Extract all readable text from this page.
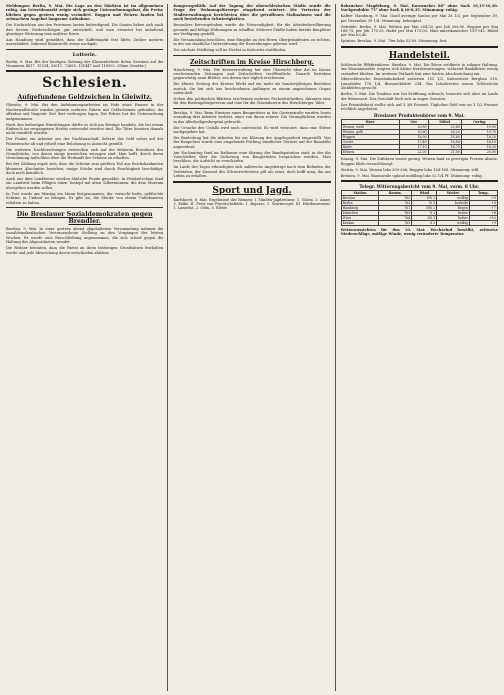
Meldungen: Berlin, 9. Mai. Die Lage an den Märkten ist im allgemeinen ruhig. Am Getreidemarkt zeigte sich geringe Unternehmungslust, die Preise blieben gegen gestern wenig verändert. Roggen und Weizen fanden bei schwachem Angebot langsame Aufnahme.

Die Nachrichten aus den Provinzen lauten befriedigend. Die Saaten haben sich nach den letzten Niederschlägen gut entwickelt, und man erwartet bei anhaltend günstiger Witterung eine mittlere Ernte.

Aus Hamburg wird gemeldet, dass der Kaffeemarkt fest blieb; Zucker notierte unverändert, während Baumwolle etwas nachgab.

Lotterie.

Berlin, 9. Mai. Bei der heutigen Ziehung der Klassenlotterie fielen Gewinne auf die Nummern 4817, 19234, 53011, 72655, 101447 und 118902. (Ohne Gewähr.)

Schlesien.
Aufgefundene Geldzeichen in Gleiwitz.

Gleiwitz, 9. Mai. Bei den Aufräumungsarbeiten im Hofe eines Hauses in der Niederwallstraße wurden gestern mehrere Pakete mit Geldscheinen gefunden, die offenbar seit längerer Zeit dort verborgen lagen. Die Polizei hat die Untersuchung aufgenommen.

Nach den bisherigen Ermittlungen dürfte es sich um Beträge handeln, die bei einem Einbruch im vergangenen Herbst entwendet worden sind. Die Täter konnten damals nicht ermittelt werden.

Der Finder, ein Arbeiter aus der Nachbarschaft, lieferte das Geld sofort auf der Polizeiwache ab und erhielt eine Belohnung in Aussicht gestellt.

Die weiteren Nachforschungen erstrecken sich auf die früheren Bewohner des Grundstücks, von denen einige inzwischen verzogen sind. Man hofft, durch deren Vernehmung Aufschluss über die Herkunft der Scheine zu erhalten.

Bei der Zählung ergab sich, dass die Scheine zum größten Teil aus Reichsbanknoten kleinerer Abschnitte bestehen; einige Stücke sind durch Feuchtigkeit beschädigt, doch noch kenntlich.

Auch aus dem Landkreise werden ähnliche Funde gemeldet. In Peiskretscham fand ein Landwirt beim Pflügen einen Tontopf mit alten Silbermünzen, die dem Museum übergeben werden sollen.

In Tost wurde am Montag ein Mann festgenommen, der versucht hatte, gefälschte Scheine in Umlauf zu bringen. Er gibt an, die Stücke von einem Unbekannten erhalten zu haben.

Die Breslauer Sozialdemokraten gegen Brendler.

Breslau, 9. Mai. In einer gestern abend abgehaltenen Versammlung nahmen die sozialdemokratischen Vertrauensleute Stellung zu den Vorgängen der letzten Wochen. Es wurde eine Entschließung angenommen, die sich scharf gegen die Haltung des Abgeordneten wendet.

Die Redner betonten, dass die Partei an ihren bisherigen Grundsätzen festhalten werde und jede Abweichung davon entschieden ablehne.

Kongresspolitik: Auf der Tagung der oberschlesischen Städte wurde die Frage der Wohnungsfürsorge eingehend erörtert. Die Vertreter der Stadtverwaltungen berichteten über die getroffenen Maßnahmen und die noch bestehenden Schwierigkeiten.

Besonders hervorgehoben wurde die Notwendigkeit, für die Arbeiterbevölkerung gesunde und billige Wohnungen zu schaffen. Mehrere Städte haben bereits Bauplätze zur Verfügung gestellt.

Die Versammlung beschloss, eine Eingabe an den Herrn Oberpräsidenten zu richten, in der um staatliche Unterstützung der Bestrebungen gebeten wird.

Der nächste Städtetag soll im Herbst in Kattowitz stattfinden.

Zeitschriften im Kreise Hirschberg.

Hirschberg, 9. Mai. Die Kreisverwaltung hat eine Übersicht über die im Kreise erscheinenden Zeitungen und Zeitschriften veröffentlicht. Danach bestehen gegenwärtig neun Blätter, von denen vier täglich erscheinen.

Die älteste Zeitung des Kreises blickt auf ein mehr als hundertjähriges Bestehen zurück. Sie hat sich aus bescheidenen Anfängen zu einem angesehenen Organ entwickelt.

Neben den politischen Blättern erscheinen mehrere Fachzeitschriften, darunter eine für den Riesengebirgsverein und eine für die Glasindustrie des Hirschberger Tales.

Breslau, 9. Mai. Beim Einsturz eines Baugerüstes in der Gartenstraße wurden heute vormittag drei Arbeiter verletzt, einer von ihnen schwer. Die Verunglückten wurden in das Allerheiligenhospital gebracht.

Die Ursache des Unfalls wird noch untersucht. Es wird vermutet, dass eine Stütze nachgegeben hat.

Die Bauleitung hat die Arbeiten bis zur Klärung der Angelegenheit eingestellt. Von der Baupolizei wurde eine eingehende Prüfung sämtlicher Gerüste auf der Baustelle angeordnet.

Am Nachmittag fand im Rathause eine Sitzung der Baudeputation statt, in der die Vorschriften über die Sicherung von Baugerüsten besprochen wurden. Man beschloss, die Aufsicht zu verschärfen.

Im Laufe des Tages erkundigten sich zahlreiche Angehörige nach dem Befinden der Verletzten; der Zustand des Schwerverletzten gilt als ernst, doch hofft man, ihn am Leben zu erhalten.

Sport und Jagd.

Karlshorst, 8. Mai. Ergebnisse der Rennen: I. Maiden-Jagdrennen: 1. Gloria, 2. Amor, 3. Falke. II. Preis von Friedrichsfelde: 1. Bajazzo, 2. Sturmvogel. III. Hürdenrennen: 1. Lanzelot, 2. Odin, 3. Elster.

Rohzucker: Magdeburg, 9. Mai. Kornzucker 88° ohne Sack 10,15-10,30. Nachprodukte 75° ohne Sack 8,10-8,35. Stimmung: ruhig.

Kaffee: Hamburg, 9. Mai. Good average Santos per Mai 38 1/2, per September 39, per Dezember 39 1/4. Stimmung: behauptet.

Getreide: Berlin, 9. Mai. Weizen per Mai 204,50, per Juli 206,00. Roggen per Mai 168,75, per Juli 170,25. Hafer per Mai 172,00. Mais amerikanischer 139-142. Rüböl per Mai 63,40.

Spiritus: Breslau, 9. Mai. 70er loko 53,80. Stimmung: fest.

Handelsteil.

Schlesische Effektenbörse. Breslau, 9. Mai. Die Börse eröffnete in ruhiger Haltung. Am Montanmarkte zeigten sich kleine Kursbesserungen, während Bankaktien wenig verändert blieben. Im weiteren Verlaufe trat eine leichte Abschwächung ein.

Oberschlesische Eisenbahnbedarf notierten 152 1/2, Kattowitzer Bergbau 218, Laurahütte 176 1/4, Bismarckhütte 234. Von Lokalwerten waren Schlesische Zinkhütten gesucht.

Berlin, 9. Mai. Die Tendenz war bei Eröffnung schwach, besserte sich aber im Laufe der Börsenzeit. Das Geschäft hielt sich in engen Grenzen.

Der Privatdiskont stellte sich auf 3 3/8 Prozent. Tägliches Geld war zu 3 1/2 Prozent reichlich angeboten.

Breslauer Produktenbörse vom 9. Mai.
Ware	Gut	Mittel	Gering
Weizen, weiß	20,80	20,40	19,90
Weizen, gelb	20,60	20,20	19,70
Roggen	16,90	16,60	16,20
Gerste	17,40	16,80	16,10
Hafer	17,10	16,70	16,30
Erbsen	22,00	21,00	20,00

Danzig, 9. Mai. Die Zufuhren waren gering. Weizen fand zu gestrigen Preisen Absatz, Roggen blieb vernachlässigt.

Stettin, 9. Mai. Weizen loko 200-206, Roggen loko 164-168. Stimmung: still.

Bremen, 9. Mai. Baumwolle upland middling loko 52 1/4 Pf. Stimmung: ruhig.

Telegr. Witterungsbericht vom 9. Mai, vorm. 8 Uhr.
Station	Barom.	Wind	Wetter	Temp.
Breslau	762	SW 2	wolkig	+9
Berlin	763	W 3	bedeckt	+8
Hamburg	761	NW 2	Regen	+7
München	765	O 1	heiter	+6
Wien	764	SO 1	heiter	+10
Krakau	763	S 2	wolkig	+9

Wetteraussichten für den 10. Mai: Wechselnd bewölkt, zeitweise Niederschläge, mäßige Winde, wenig veränderte Temperatur.
